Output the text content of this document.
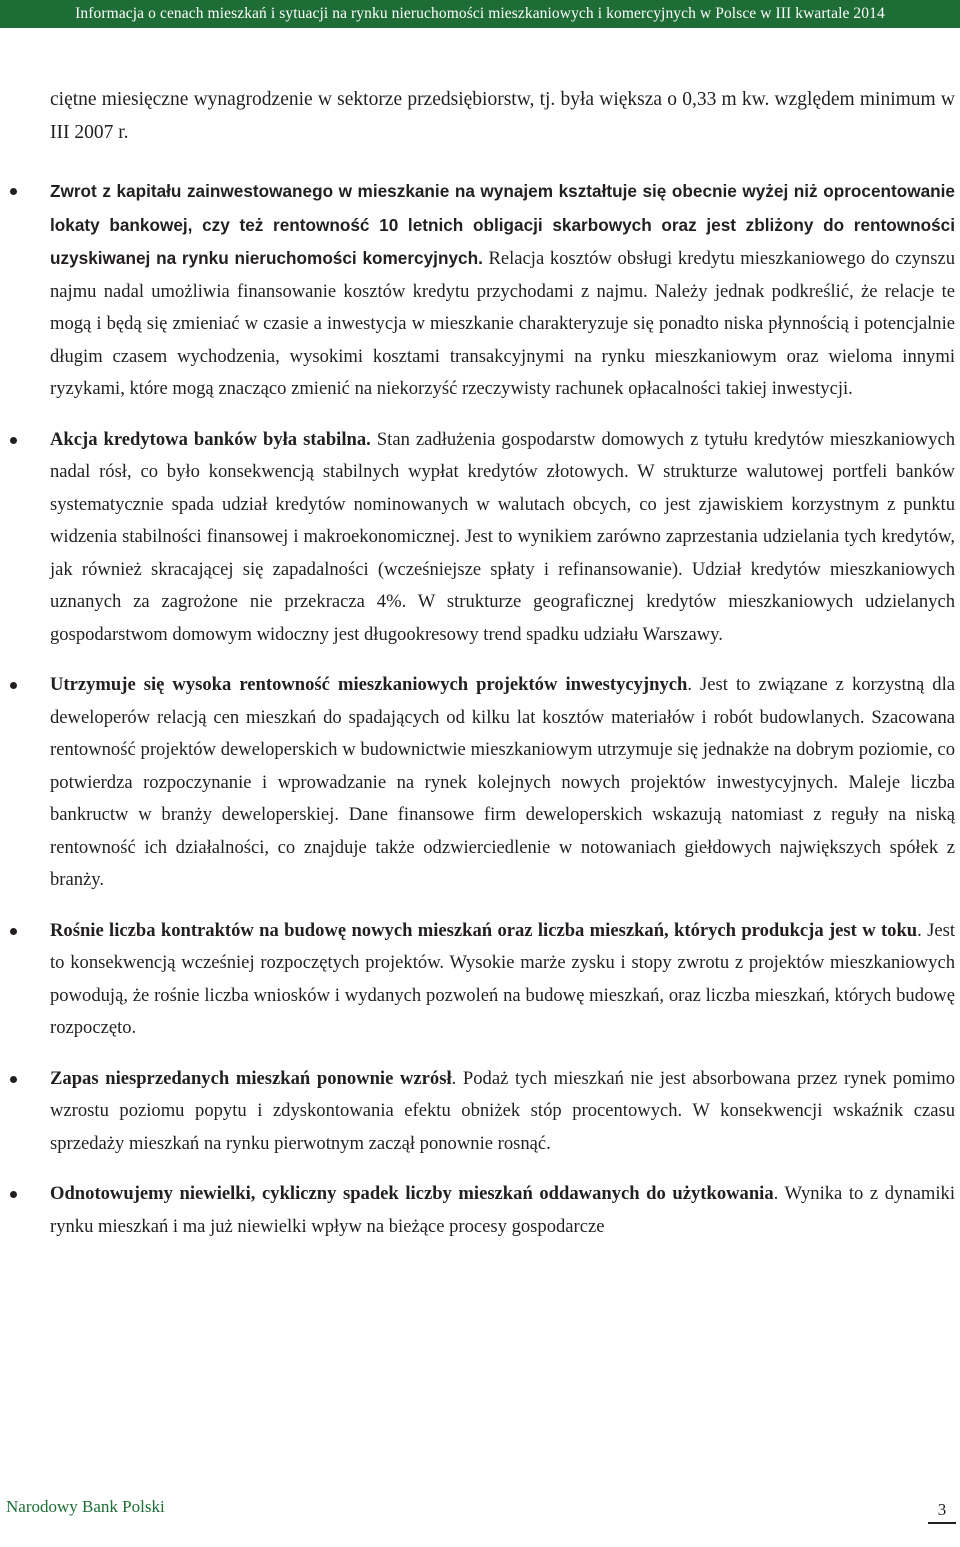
Informacja o cenach mieszkań i sytuacji na rynku nieruchomości mieszkaniowych i komercyjnych w Polsce w III kwartale 2014

ciętne miesięczne wynagrodzenie w sektorze przedsiębiorstw, tj. była większa o 0,33 m kw. względem minimum w III 2007 r.

Zwrot z kapitału zainwestowanego w mieszkanie na wynajem kształtuje się obecnie wyżej niż oprocentowanie lokaty bankowej, czy też rentowność 10 letnich obligacji skarbowych oraz jest zbliżony do rentowności uzyskiwanej na rynku nieruchomości komercyjnych. Relacja kosztów obsługi kredytu mieszkaniowego do czynszu najmu nadal umożliwia finansowanie kosztów kredytu przychodami z najmu. Należy jednak podkreślić, że relacje te mogą i będą się zmieniać w czasie a inwestycja w mieszkanie charakteryzuje się ponadto niska płynnością i potencjalnie długim czasem wychodzenia, wysokimi kosztami transakcyjnymi na rynku mieszkaniowym oraz wieloma innymi ryzykami, które mogą znacząco zmienić na niekorzyść rzeczywisty rachunek opłacalności takiej inwestycji.

Akcja kredytowa banków była stabilna. Stan zadłużenia gospodarstw domowych z tytułu kredytów mieszkaniowych nadal rósł, co było konsekwencją stabilnych wypłat kredytów złotowych. W strukturze walutowej portfeli banków systematycznie spada udział kredytów nominowanych w walutach obcych, co jest zjawiskiem korzystnym z punktu widzenia stabilności finansowej i makroekonomicznej. Jest to wynikiem zarówno zaprzestania udzielania tych kredytów, jak również skracającej się zapadalności (wcześniejsze spłaty i refinansowanie). Udział kredytów mieszkaniowych uznanych za zagrożone nie przekracza 4%. W strukturze geograficznej kredytów mieszkaniowych udzielanych gospodarstwom domowym widoczny jest długookresowy trend spadku udziału Warszawy.

Utrzymuje się wysoka rentowność mieszkaniowych projektów inwestycyjnych. Jest to związane z korzystną dla deweloperów relacją cen mieszkań do spadających od kilku lat kosztów materiałów i robót budowlanych. Szacowana rentowność projektów deweloperskich w budownictwie mieszkaniowym utrzymuje się jednakże na dobrym poziomie, co potwierdza rozpoczynanie i wprowadzanie na rynek kolejnych nowych projektów inwestycyjnych. Maleje liczba bankructw w branży deweloperskiej. Dane finansowe firm deweloperskich wskazują natomiast z reguły na niską rentowność ich działalności, co znajduje także odzwierciedlenie w notowaniach giełdowych największych spółek z branży.

Rośnie liczba kontraktów na budowę nowych mieszkań oraz liczba mieszkań, których produkcja jest w toku. Jest to konsekwencją wcześniej rozpoczętych projektów. Wysokie marże zysku i stopy zwrotu z projektów mieszkaniowych powodują, że rośnie liczba wniosków i wydanych pozwoleń na budowę mieszkań, oraz liczba mieszkań, których budowę rozpoczęto.

Zapas niesprzedanych mieszkań ponownie wzrósł. Podaż tych mieszkań nie jest absorbowana przez rynek pomimo wzrostu poziomu popytu i zdyskontowania efektu obniżek stóp procentowych. W konsekwencji wskaźnik czasu sprzedaży mieszkań na rynku pierwotnym zaczął ponownie rosnąć.

Odnotowujemy niewielki, cykliczny spadek liczby mieszkań oddawanych do użytkowania. Wynika to z dynamiki rynku mieszkań i ma już niewielki wpływ na bieżące procesy gospodarcze

Narodowy Bank Polski	3
